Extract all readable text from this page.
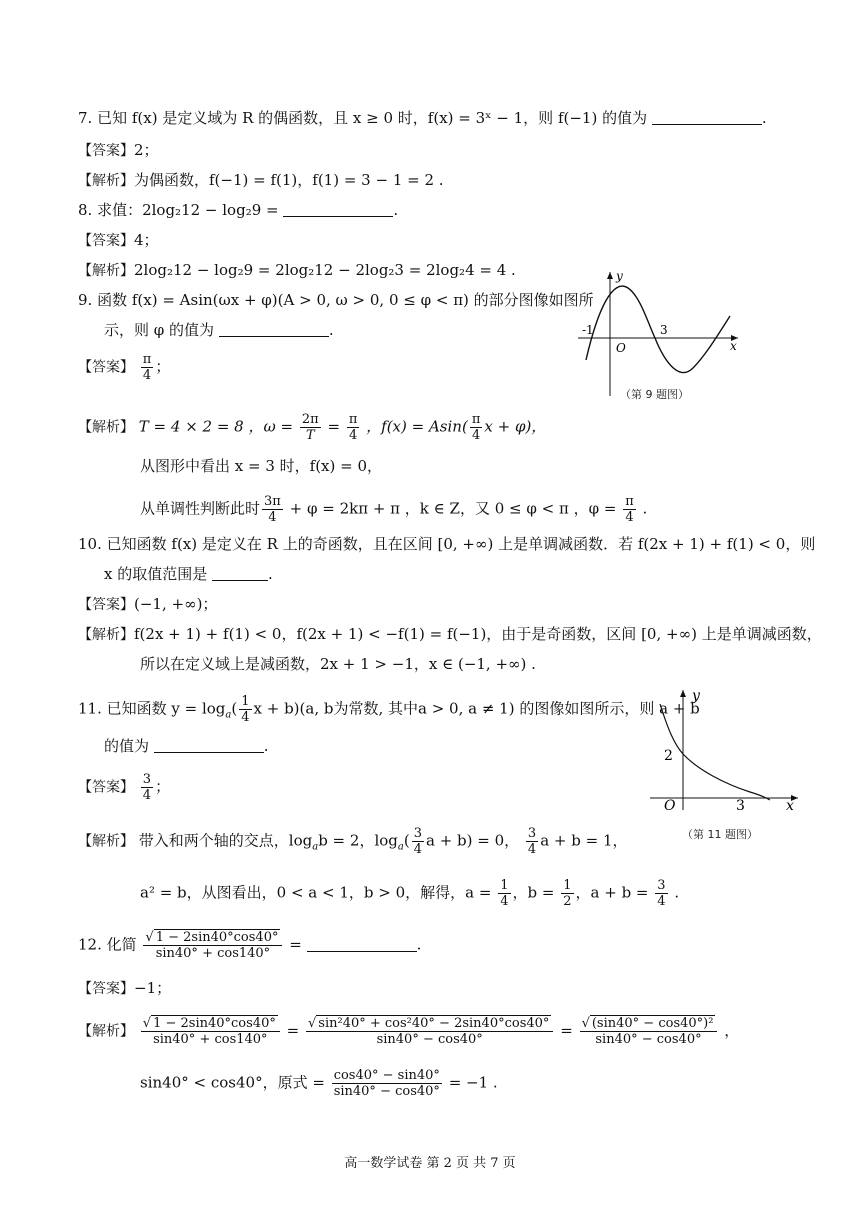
7. 已知 f(x) 是定义域为 R 的偶函数，且 x ≥ 0 时，f(x) = 3ˣ − 1，则 f(−1) 的值为	.
【答案】2；
【解析】为偶函数，f(−1) = f(1)，f(1) = 3 − 1 = 2 .
8. 求值：2log₂12 − log₂9 =	.
【答案】4；
【解析】2log₂12 − log₂9 = 2log₂12 − 2log₂3 = 2log₂4 = 4 .
9. 函数 f(x) = Asin(ωx + φ)(A > 0, ω > 0, 0 ≤ φ < π) 的部分图像如图所
示，则 φ 的值为	.
【答案】 $\frac{\pi}{4}$ ；
【解析】 T = 4 × 2 = 8 ，$\omega = \frac{2\pi}{T} = \frac{\pi}{4}$ ，$f(x) = Asin( \frac{\pi}{4}$ x + φ)，
从图形中看出 x = 3 时，f(x) = 0，
从单调性判断此时 $\frac{3\pi}{4} + \varphi = 2k\pi + \pi$ ，k ∈ Z，又 0 ≤ φ < π ，$\varphi = \frac{\pi}{4}$ .
y
x
O
-1	3
（第 9 题图）
10. 已知函数 f(x) 是定义在 R 上的奇函数，且在区间 [0, +∞) 上是单调减函数．若 f(2x + 1) + f(1) < 0，则
x 的取值范围是	.
【答案】(−1, +∞)；
【解析】f(2x + 1) + f(1) < 0，f(2x + 1) < −f(1) = f(−1)，由于是奇函数，区间 [0, +∞) 上是单调减函数，
所以在定义域上是减函数，2x + 1 > −1，x ∈ (−1, +∞) .
11. 已知函数 $y = \log_a( \frac{1}{4}$ x + b)(a, b为常数, 其中a > 0, a ≠ 1) 的图像如图所示，则 a + b
的值为	.
【答案】 $\frac{3}{4}$ ；
【解析】 带入和两个轴的交点，$\log_ab = 2$，$\log_a( \frac{3}{4}$ a + b) = 0， $\frac{3}{4}$ a + b = 1，
a² = b，从图看出，0 < a < 1，b > 0，解得，$a = \frac{1}{4}$ ，$b = \frac{1}{2}$ ，$a + b = \frac{3}{4}$ .
y
x
O
2
3
（第 11 题图）
12. 化简 $\frac{√ 1 - 2\sin 40^\circ\cos 40^\circ}{\sin 40^\circ + \cos 140^\circ}$ =	.
【答案】−1；
【解析】 $\frac{√ 1 - 2\sin 40^\circ\cos 40^\circ}{\sin 40^\circ + \cos 140^\circ} = \frac{\text{√ sin²40° + cos²40° − 2sin40°cos40°}}{\sin 40^\circ - \cos 40^\circ} = \frac{\text{√ (sin40° − cos40°)²}}{\sin 40^\circ - \cos 40^\circ}$ ，
sin40° < cos40°，原式 = $\frac{\cos 40^\circ - \sin 40^\circ}{\sin 40^\circ - \cos 40^\circ} = -1$ .
高一数学试卷 第 2 页 共 7 页
